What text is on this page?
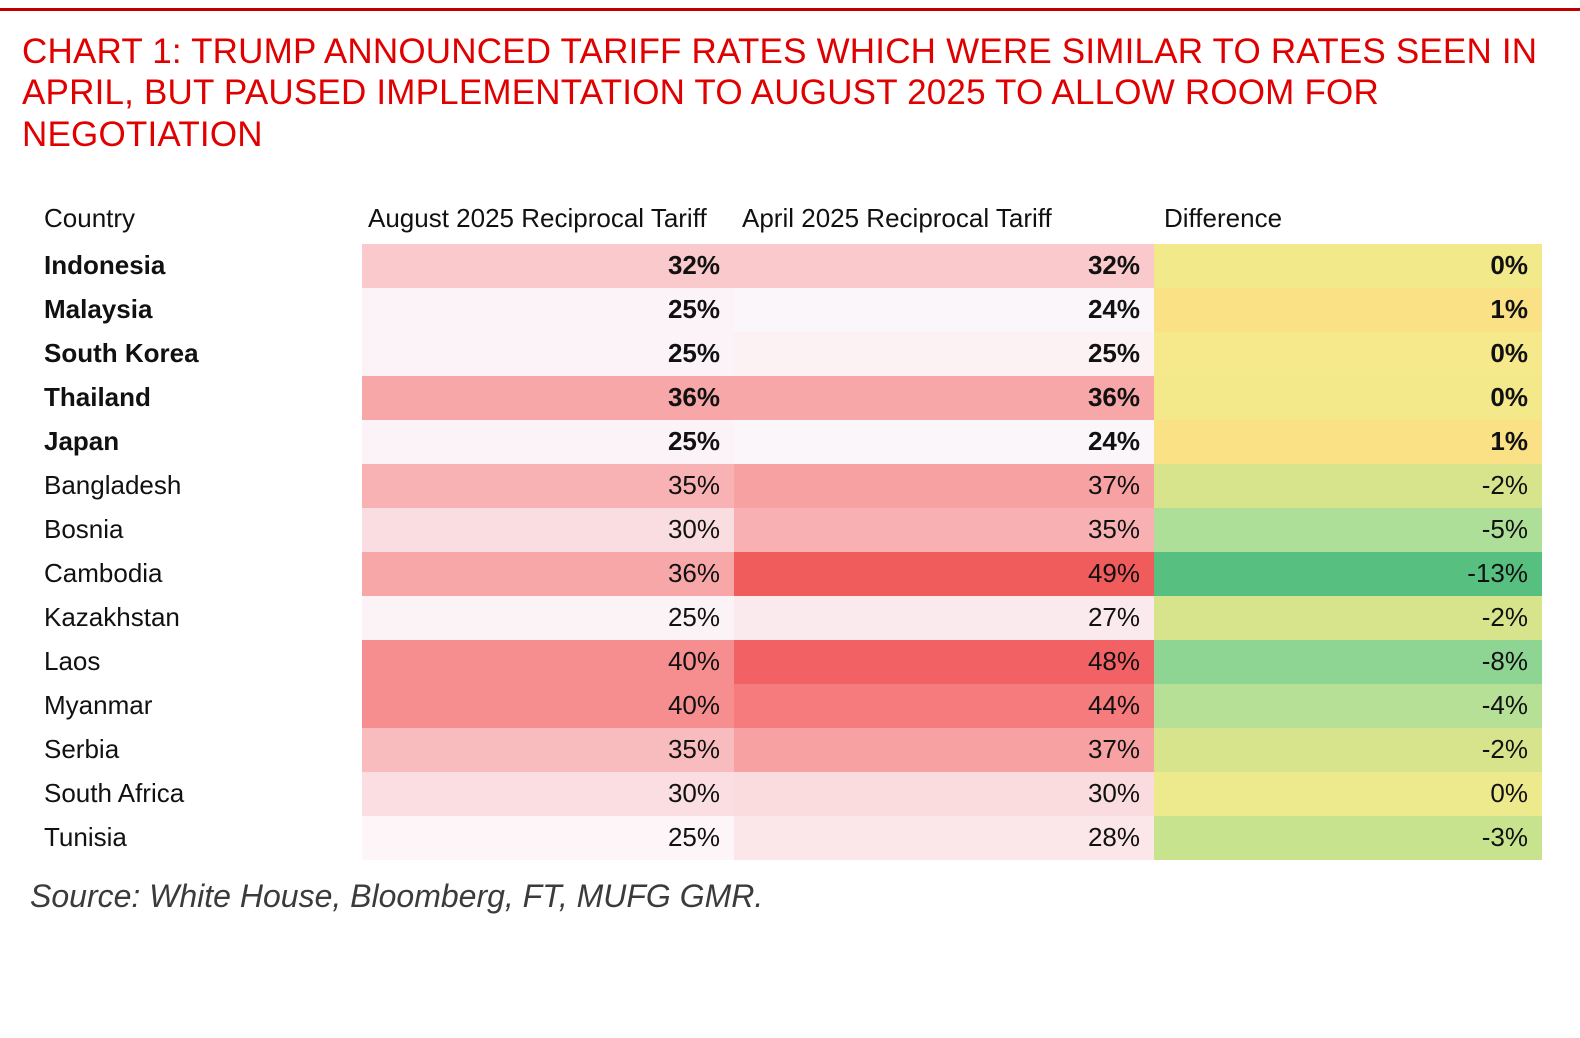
CHART 1: TRUMP ANNOUNCED TARIFF RATES WHICH WERE SIMILAR TO RATES SEEN IN APRIL, BUT PAUSED IMPLEMENTATION TO AUGUST 2025 TO ALLOW ROOM FOR NEGOTIATION
Country	August 2025 Reciprocal Tariff	April 2025 Reciprocal Tariff	Difference
Indonesia	32%	32%	0%
Malaysia	25%	24%	1%
South Korea	25%	25%	0%
Thailand	36%	36%	0%
Japan	25%	24%	1%
Bangladesh	35%	37%	-2%
Bosnia	30%	35%	-5%
Cambodia	36%	49%	-13%
Kazakhstan	25%	27%	-2%
Laos	40%	48%	-8%
Myanmar	40%	44%	-4%
Serbia	35%	37%	-2%
South Africa	30%	30%	0%
Tunisia	25%	28%	-3%
Source: White House, Bloomberg, FT, MUFG GMR.
